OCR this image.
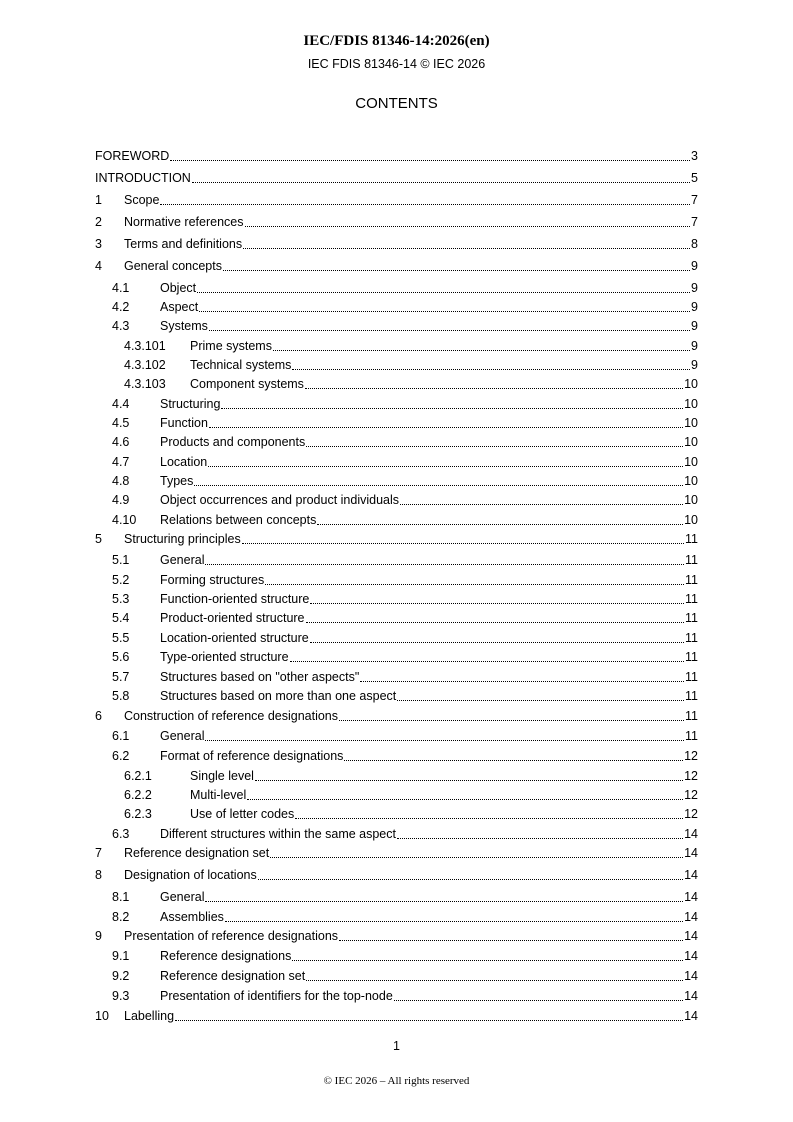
IEC/FDIS 81346-14:2026(en)
IEC FDIS 81346-14 © IEC 2026
CONTENTS
FOREWORD	3
INTRODUCTION	5
1	Scope	7
2	Normative references	7
3	Terms and definitions	8
4	General concepts	9
4.1	Object	9
4.2	Aspect	9
4.3	Systems	9
4.3.101	Prime systems	9
4.3.102	Technical systems	9
4.3.103	Component systems	10
4.4	Structuring	10
4.5	Function	10
4.6	Products and components	10
4.7	Location	10
4.8	Types	10
4.9	Object occurrences and product individuals	10
4.10	Relations between concepts	10
5	Structuring principles	11
5.1	General	11
5.2	Forming structures	11
5.3	Function-oriented structure	11
5.4	Product-oriented structure	11
5.5	Location-oriented structure	11
5.6	Type-oriented structure	11
5.7	Structures based on "other aspects"	11
5.8	Structures based on more than one aspect	11
6	Construction of reference designations	11
6.1	General	11
6.2	Format of reference designations	12
6.2.1	Single level	12
6.2.2	Multi-level	12
6.2.3	Use of letter codes	12
6.3	Different structures within the same aspect	14
7	Reference designation set	14
8	Designation of locations	14
8.1	General	14
8.2	Assemblies	14
9	Presentation of reference designations	14
9.1	Reference designations	14
9.2	Reference designation set	14
9.3	Presentation of identifiers for the top-node	14
10	Labelling	14
1
© IEC 2026 – All rights reserved
